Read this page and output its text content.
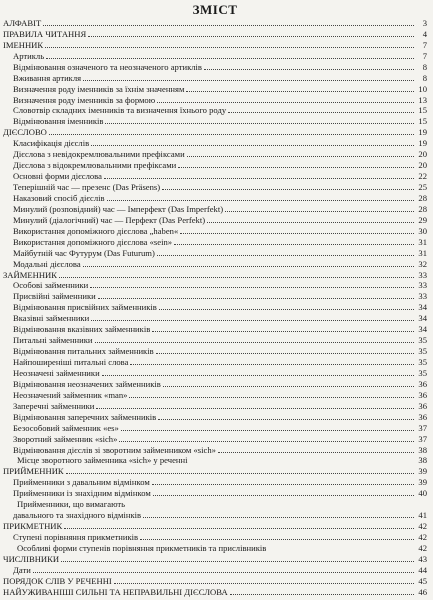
ЗМІСТ
АЛФАВІТ	3
ПРАВИЛА ЧИТАННЯ	4
ІМЕННИК	7
Артикль	7
Відмінювання означеного та неозначеного артиклів	8
Вживання артикля	8
Визначення роду іменників за їхнім значенням	10
Визначення роду іменників за формою	13
Словотвір складних іменників та визначення їхнього роду	15
Відмінювання іменників	15
ДІЄСЛОВО	19
Класифікація дієслів	19
Дієслова з невідокремлювальними префіксами	20
Дієслова з відокремлювальними префіксами	20
Основні форми дієслова	22
Теперішній час — презенс (Das Präsens)	25
Наказовий спосіб дієслів	28
Минулий (розповідний) час — Імперфект (Das Imperfekt)	28
Минулий (діалогічний) час — Перфект (Das Perfekt)	29
Використання допоміжного дієслова „haben«	30
Використання допоміжного дієслова «sein»	31
Майбутній час Футурум (Das Futurum)	31
Модальні дієслова	32
ЗАЙМЕННИК	33
Особові займенники	33
Присвійні займенники	33
Відмінювання присвійних займенників	34
Вказівні займенники	34
Відмінювання вказівних займенників	34
Питальні займенники	35
Відмінювання питальних займенників	35
Найпоширеніші питальні слова	35
Неозначені займенники	35
Відмінювання неозначених займенників	36
Неозначений займенник «man»	36
Заперечні займенники	36
Відмінювання заперечних займенників	36
Безособовий займенник «es»	37
Зворотний займенник «sich»	37
Відмінювання дієслів зі зворотним займенником «sich»	38
Місце зворотного займенника «sich» у реченні	38
ПРИЙМЕННИК	39
Прийменники з давальним відмінком	39
Прийменники із знахідним відмінком	40
Прийменники, що вимагають
давального та знахідного відмінків	41
ПРИКМЕТНИК	42
Ступені порівняння прикметників	42
Особливі форми ступенів порівняння прикметників та прислівників	42
ЧИСЛІВНИКИ	43
Дати	44
ПОРЯДОК СЛІВ У РЕЧЕННІ	45
НАЙУЖИВАНІШІ СИЛЬНІ ТА НЕПРАВИЛЬНІ ДІЄСЛОВА	46
